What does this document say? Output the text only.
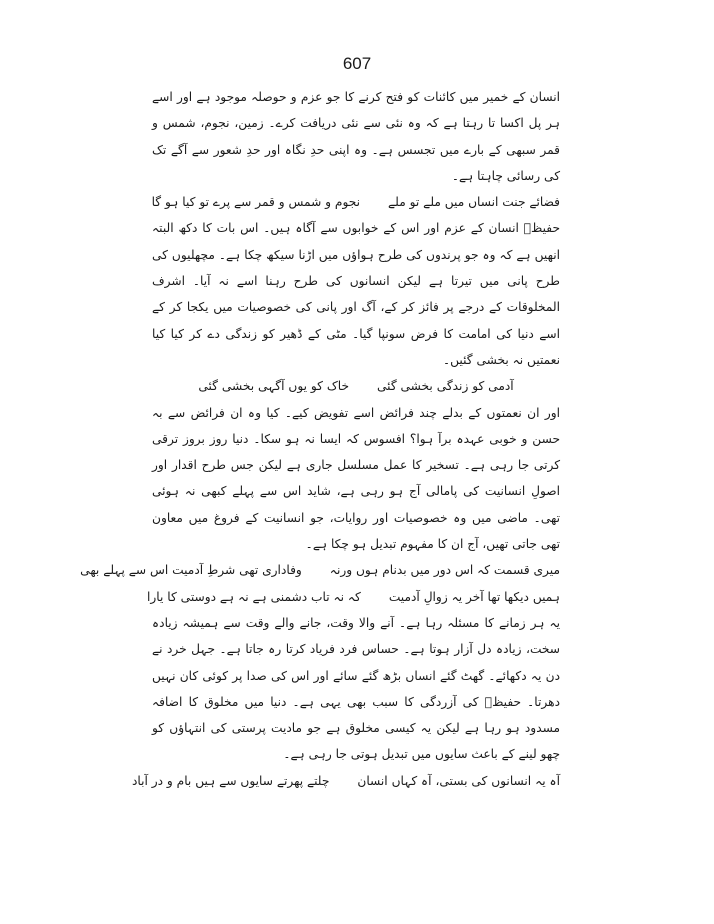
607

انسان کے خمیر میں کائنات کو فتح کرنے کا جو عزم و حوصلہ موجود ہے اور اسے ہر پل اکسا تا رہتا ہے کہ وہ نئی سے نئی دریافت کرے۔ زمین، نجوم، شمس و قمر سبھی کے بارے میں تجسس ہے۔ وہ اپنی حدِ نگاہ اور حدِ شعور سے آگے تک کی رسائی چاہتا ہے۔

فضائے جنت انساں میں ملے تو ملے
نجوم و شمس و قمر سے پرے تو کیا ہو گا

حفیظؔ انسان کے عزم اور اس کے خوابوں سے آگاہ ہیں۔ اس بات کا دکھ البتہ انھیں ہے کہ وہ جو پرندوں کی طرح ہواؤں میں اڑنا سیکھ چکا ہے۔ مچھلیوں کی طرح پانی میں تیرتا ہے لیکن انسانوں کی طرح رہنا اسے نہ آیا۔ اشرف المخلوقات کے درجے پر فائز کر کے، آگ اور پانی کی خصوصیات میں یکجا کر کے اسے دنیا کی امامت کا فرض سونپا گیا۔ مٹی کے ڈھیر کو زندگی دے کر کیا کیا نعمتیں نہ بخشی گئیں۔

آدمی کو زندگی بخشی گئی
خاک کو یوں آگہی بخشی گئی

اور ان نعمتوں کے بدلے چند فرائض اسے تفویض کیے۔ کیا وہ ان فرائض سے بہ حسن و خوبی عہدہ برآ ہوا؟ افسوس کہ ایسا نہ ہو سکا۔ دنیا روز بروز ترقی کرتی جا رہی ہے۔ تسخیر کا عمل مسلسل جاری ہے لیکن جس طرح اقدار اور اصولِ انسانیت کی پامالی آج ہو رہی ہے، شاید اس سے پہلے کبھی نہ ہوئی تھی۔ ماضی میں وہ خصوصیات اور روایات، جو انسانیت کے فروغ میں معاون تھی جاتی تھیں، آج ان کا مفہوم تبدیل ہو چکا ہے۔

میری قسمت کہ اس دور میں بدنام ہوں ورنہ
وفاداری تھی شرطِ آدمیت اس سے پہلے بھی
ہمیں دیکھا تھا آخر یہ زوالِ آدمیت
کہ نہ تاب دشمنی ہے نہ ہے دوستی کا یارا

یہ ہر زمانے کا مسئلہ رہا ہے۔ آنے والا وقت، جانے والے وقت سے ہمیشہ زیادہ سخت، زیادہ دل آزار ہوتا ہے۔ حساس فرد فریاد کرتا رہ جاتا ہے۔ جہل خرد نے دن یہ دکھائے۔ گھٹ گئے انساں بڑھ گئے سائے اور اس کی صدا پر کوئی کان نہیں دھرتا۔ حفیظؔ کی آزردگی کا سبب بھی یہی ہے۔ دنیا میں مخلوق کا اضافہ مسدود ہو رہا ہے لیکن یہ کیسی مخلوق ہے جو مادیت پرستی کی انتہاؤں کو چھو لینے کے باعث سایوں میں تبدیل ہوتی جا رہی ہے۔

آہ یہ انسانوں کی بستی، آہ کہاں انسان
چلتے پھرتے سایوں سے ہیں بام و در آباد
